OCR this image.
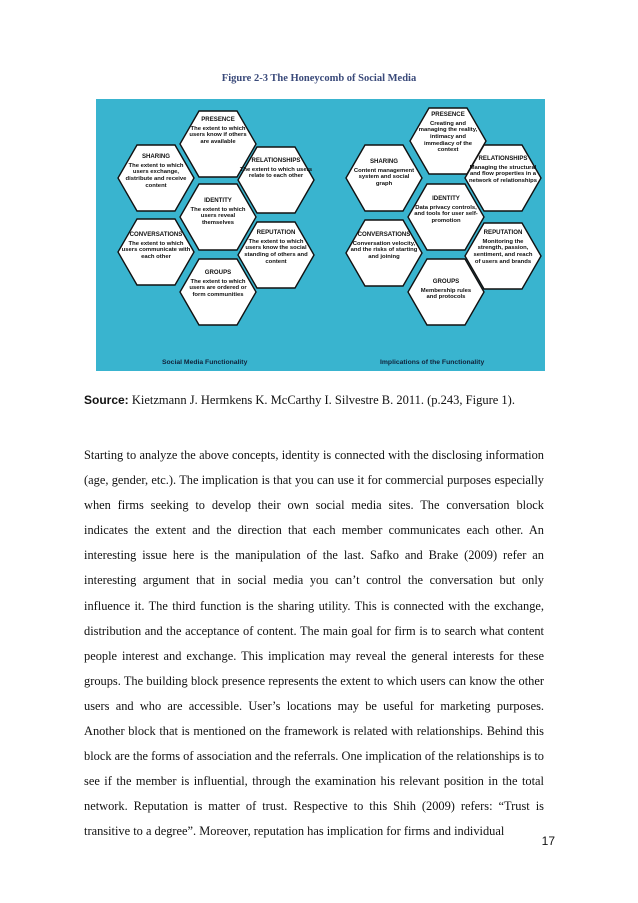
Figure 2-3 The Honeycomb of Social Media
PRESENCE
The extent to which users know if others are available
SHARING
The extent to which users exchange, distribute and receive content
RELATIONSHIPS
The extent to which users relate to each other
IDENTITY
The extent to which users reveal themselves
CONVERSATIONS
The extent to which users communicate with each other
REPUTATION
The extent to which users know the social standing of others and content
GROUPS
The extent to which users are ordered or form communities
PRESENCE
Creating and managing the reality, intimacy and immediacy of the context
SHARING
Content management system and social graph
RELATIONSHIPS
Managing the structural and flow properties in a network of relationships
IDENTITY
Data privacy controls, and tools for user self-promotion
CONVERSATIONS
Conversation velocity, and the risks of starting and joining
REPUTATION
Monitoring the strength, passion, sentiment, and reach of users and brands
GROUPS
Membership rules and protocols
Social Media Functionality	Implications of the Functionality
Source: Kietzmann J. Hermkens K. McCarthy I. Silvestre B. 2011. (p.243, Figure 1).

Starting to analyze the above concepts, identity is connected with the disclosing information (age, gender, etc.). The implication is that you can use it for commercial purposes especially when firms seeking to develop their own social media sites. The conversation block indicates the extent and the direction that each member communicates each other. An interesting issue here is the manipulation of the last. Safko and Brake (2009) refer an interesting argument that in social media you can’t control the conversation but only influence it. The third function is the sharing utility. This is connected with the exchange, distribution and the acceptance of content. The main goal for firm is to search what content people interest and exchange. This implication may reveal the general interests for these groups. The building block presence represents the extent to which users can know the other users and who are accessible. User’s locations may be useful for marketing purposes. Another block that is mentioned on the framework is related with relationships. Behind this block are the forms of association and the referrals. One implication of the relationships is to see if the member is influential, through the examination his relevant position in the total network. Reputation is matter of trust. Respective to this Shih (2009) refers: “Trust is transitive to a degree”. Moreover, reputation has implication for firms and individual

17
